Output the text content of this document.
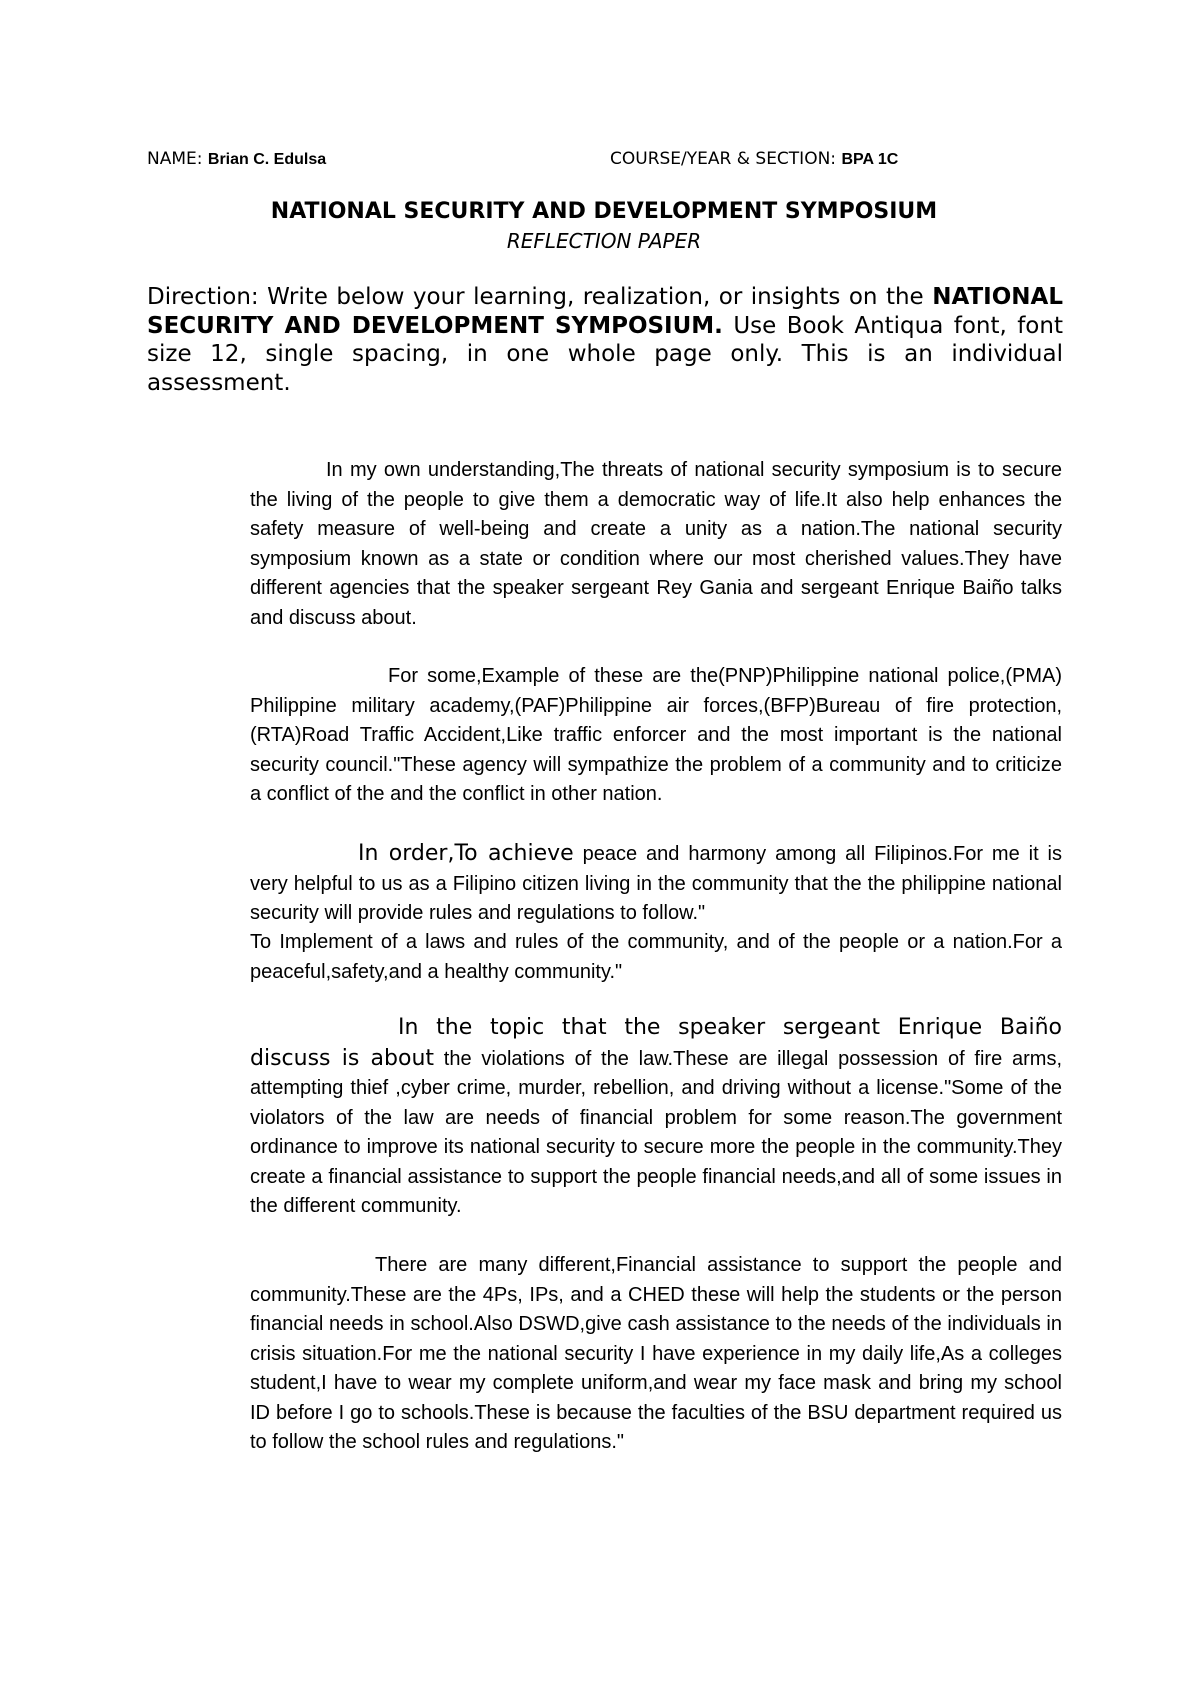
NAME: Brian C. Edulsa	COURSE/YEAR & SECTION: BPA 1C
NATIONAL SECURITY AND DEVELOPMENT SYMPOSIUM
REFLECTION PAPER
Direction: Write below your learning, realization, or insights on the NATIONAL SECURITY AND DEVELOPMENT SYMPOSIUM. Use Book Antiqua font, font size 12, single spacing, in one whole page only. This is an individual assessment.

In my own understanding,The threats of national security symposium is to secure the living of the people to give them a democratic way of life.It also help enhances the safety measure of well-being and create a unity as a nation.The national security symposium known as a state or condition where our most cherished values.They have different agencies that the speaker sergeant Rey Gania and sergeant Enrique Baiño talks and discuss about.

For some,Example of these are the(PNP)Philippine national police,(PMA) Philippine military academy,(PAF)Philippine air forces,(BFP)Bureau of fire protection,(RTA)Road Traffic Accident,Like traffic enforcer and the most important is the national security council."These agency will sympathize the problem of a community and to criticize a conflict of the and the conflict in other nation.

In order,To achieve peace and harmony among all Filipinos.For me it is very helpful to us as a Filipino citizen living in the community that the the philippine national security will provide rules and regulations to follow."

To Implement of a laws and rules of the community, and of the people or a nation.For a peaceful,safety,and a healthy community."

In the topic that the speaker sergeant Enrique Baiño discuss is about the violations of the law.These are illegal possession of fire arms, attempting thief ,cyber crime, murder, rebellion, and driving without a license."Some of the violators of the law are needs of financial problem for some reason.The government ordinance to improve its national security to secure more the people in the community.They create a financial assistance to support the people financial needs,and all of some issues in the different community.

There are many different,Financial assistance to support the people and community.These are the 4Ps, IPs, and a CHED these will help the students or the person financial needs in school.Also DSWD,give cash assistance to the needs of the individuals in crisis situation.For me the national security I have experience in my daily life,As a colleges student,I have to wear my complete uniform,and wear my face mask and bring my school ID before I go to schools.These is because the faculties of the BSU department required us to follow the school rules and regulations."
